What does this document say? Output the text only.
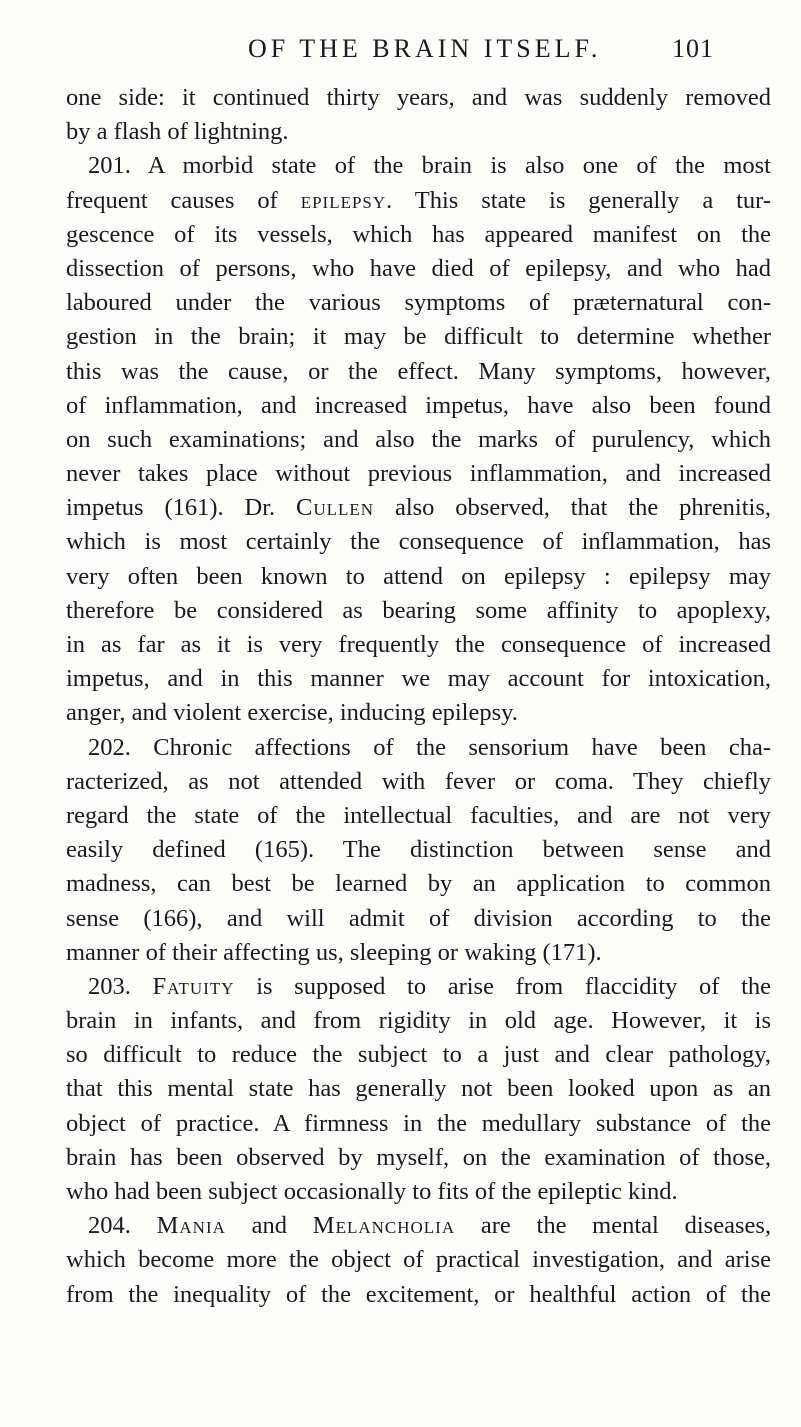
OF THE BRAIN ITSELF.	101
one side: it continued thirty years, and was suddenly removed
by a flash of lightning.
201. A morbid state of the brain is also one of the most
frequent causes of epilepsy. This state is generally a tur-
gescence of its vessels, which has appeared manifest on the
dissection of persons, who have died of epilepsy, and who had
laboured under the various symptoms of præternatural con-
gestion in the brain; it may be difficult to determine whether
this was the cause, or the effect. Many symptoms, however,
of inflammation, and increased impetus, have also been found
on such examinations; and also the marks of purulency, which
never takes place without previous inflammation, and increased
impetus (161). Dr. Cullen also observed, that the phrenitis,
which is most certainly the consequence of inflammation, has
very often been known to attend on epilepsy : epilepsy may
therefore be considered as bearing some affinity to apoplexy,
in as far as it is very frequently the consequence of increased
impetus, and in this manner we may account for intoxication,
anger, and violent exercise, inducing epilepsy.
202. Chronic affections of the sensorium have been cha-
racterized, as not attended with fever or coma. They chiefly
regard the state of the intellectual faculties, and are not very
easily defined (165). The distinction between sense and
madness, can best be learned by an application to common
sense (166), and will admit of division according to the
manner of their affecting us, sleeping or waking (171).
203. Fatuity is supposed to arise from flaccidity of the
brain in infants, and from rigidity in old age. However, it is
so difficult to reduce the subject to a just and clear pathology,
that this mental state has generally not been looked upon as an
object of practice. A firmness in the medullary substance of the
brain has been observed by myself, on the examination of those,
who had been subject occasionally to fits of the epileptic kind.
204. Mania and Melancholia are the mental diseases,
which become more the object of practical investigation, and arise
from the inequality of the excitement, or healthful action of the
